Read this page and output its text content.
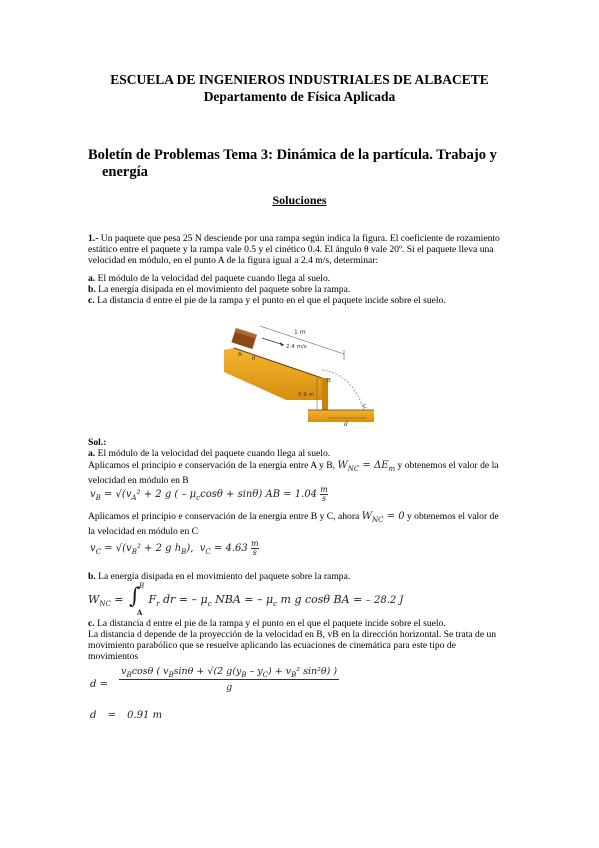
ESCUELA DE INGENIEROS INDUSTRIALES DE ALBACETE
Departamento de Física Aplicada
Boletín de Problemas Tema 3: Dinámica de la partícula. Trabajo y
energía
Soluciones
1.- Un paquete que pesa 25 N desciende por una rampa según indica la figura. El coeficiente de rozamiento
estático entre el paquete y la rampa vale 0.5 y el cinético 0.4. El ángulo θ vale 20º. Si el paquete lleva una
velocidad en módulo, en el punto A de la figura igual a 2.4 m/s, determinar:
a. El módulo de la velocidad del paquete cuando llega al suelo.
b. La energía disipada en el movimiento del paquete sobre la rampa.
c. La distancia d entre el pie de la rampa y el punto en el que el paquete incide sobre el suelo.
1 m
2.4 m/s
A
θ
B
0.9 m
C
d
Sol.:
a. El módulo de la velocidad del paquete cuando llega al suelo.
Aplicamos el principio e conservación de la energía entre A y B, $W_{NC} = \Delta E_m$ y obtenemos el valor de la
velocidad en módulo en B
$v_B = √(v_A^2 + 2$ g ( – $\mu_c\cos\theta + \sin\theta$) AB = $1.04 \frac{m}{s}$
Aplicamos el principio e conservación de la energía entre B y C, ahora $W_{NC} = 0$ y obtenemos el valor de
la velocidad en módulo en C
$v_C = √(v_B^2 + 2$ g $h_B$), $v_C = 4.63 \frac{m}{s}$
b. La energía disipada en el movimiento del paquete sobre la rampa.
$W_{NC}$ = ∫
B
A
$F_r$ dr = – $\mu_c$ NBA = – $\mu_c$ m g cosθ BA = – 28.2 J
c. La distancia d entre el pie de la rampa y el punto en el que el paquete incide sobre el suelo.
La distancia d depende de la proyección de la velocidad en B, vB en la dirección horizontal. Se trata de un
movimiento parabólico que se resuelve aplicando las ecuaciones de cinemática para este tipo de
movimientos
$d = \frac{v_B\cos\theta ( v_B\sin\theta + √(2 g(y_B - y_C) + v_B^2 \sin^2\theta) )}{g}$
d = 0.91 m
